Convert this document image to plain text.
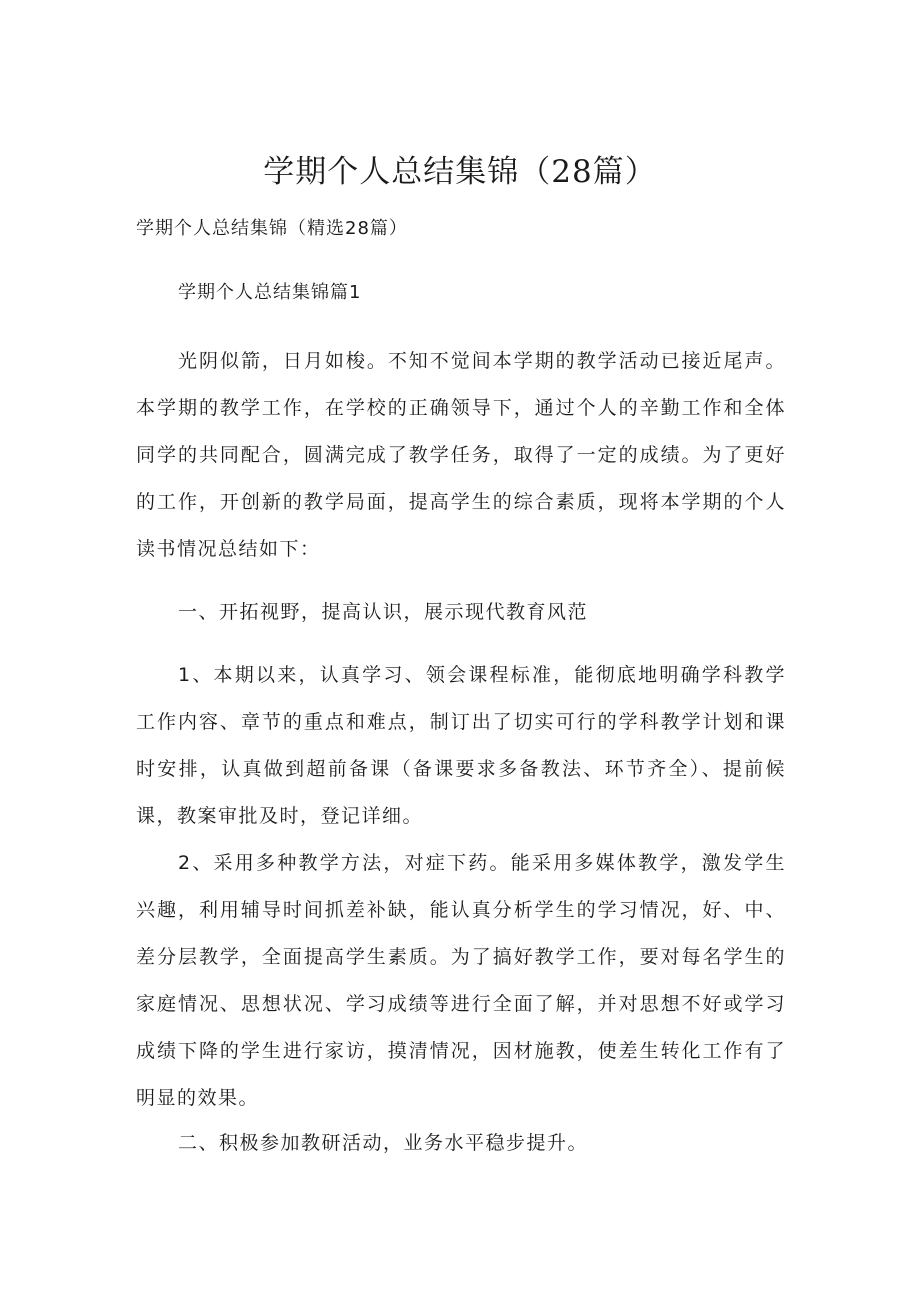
学期个人总结集锦（28篇）

学期个人总结集锦（精选28篇）

学期个人总结集锦篇1

光阴似箭，日月如梭。不知不觉间本学期的教学活动已接近尾声。本学期的教学工作，在学校的正确领导下，通过个人的辛勤工作和全体同学的共同配合，圆满完成了教学任务，取得了一定的成绩。为了更好的工作，开创新的教学局面，提高学生的综合素质，现将本学期的个人读书情况总结如下：

一、开拓视野，提高认识，展示现代教育风范

1、本期以来，认真学习、领会课程标准，能彻底地明确学科教学工作内容、章节的重点和难点，制订出了切实可行的学科教学计划和课时安排，认真做到超前备课（备课要求多备教法、环节齐全）、提前候课，教案审批及时，登记详细。

2、采用多种教学方法，对症下药。能采用多媒体教学，激发学生兴趣，利用辅导时间抓差补缺，能认真分析学生的学习情况，好、中、差分层教学，全面提高学生素质。为了搞好教学工作，要对每名学生的家庭情况、思想状况、学习成绩等进行全面了解，并对思想不好或学习成绩下降的学生进行家访，摸清情况，因材施教，使差生转化工作有了明显的效果。

二、积极参加教研活动，业务水平稳步提升。
